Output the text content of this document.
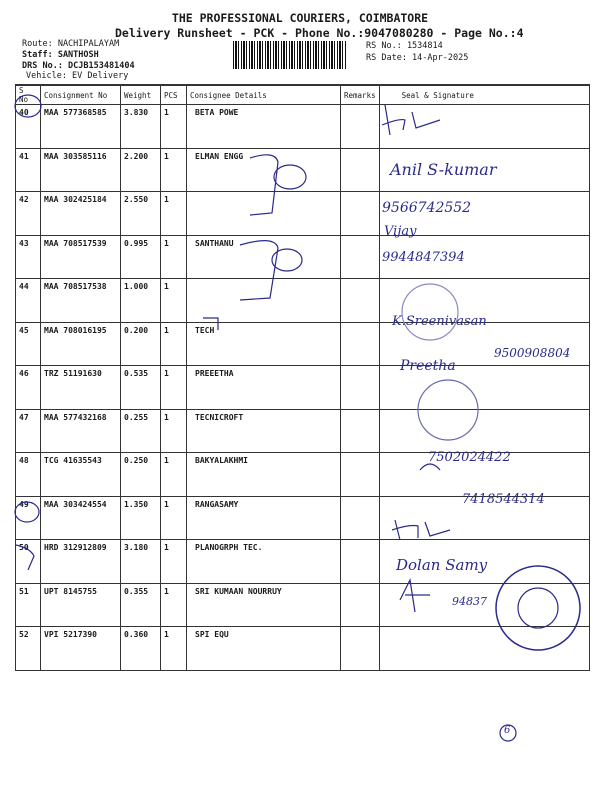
THE PROFESSIONAL COURIERS, COIMBATORE
Delivery Runsheet - PCK - Phone No.:9047080280 - Page No.:4
Route: NACHIPALAYAM
Staff: SANTHOSH
DRS No.: DCJB153481404
Vehicle: EV Delivery
RS No.: 1534814
RS Date: 14-Apr-2025
S No	Consignment No	Weight	PCS	Consignee Details	Remarks	Seal & Signature
40	MAA 577368585	3.830	1	BETA POWE		
41	MAA 303585116	2.200	1	ELMAN ENGG		
42	MAA 302425184	2.550	1			
43	MAA 708517539	0.995	1	SANTHANU		
44	MAA 708517538	1.000	1			
45	MAA 708016195	0.200	1	TECH		
46	TRZ 51191630	0.535	1	PREEETHA		
47	MAA 577432168	0.255	1	TECNICROFT		
48	TCG 41635543	0.250	1	BAKYALAKHMI		
49	MAA 303424554	1.350	1	RANGASAMY		
50	HRD 312912809	3.180	1	PLANOGRPH TEC.		
51	UPT 8145755	0.355	1	SRI KUMAAN NOURRUY		
52	VPI 5217390	0.360	1	SPI EQU		
Anil S-kumar
9566742552
Vijay
9944847394
K.Sreenivasan
Preetha
9500908804
7502024422
7418544314
Dolan Samy
94837
6
